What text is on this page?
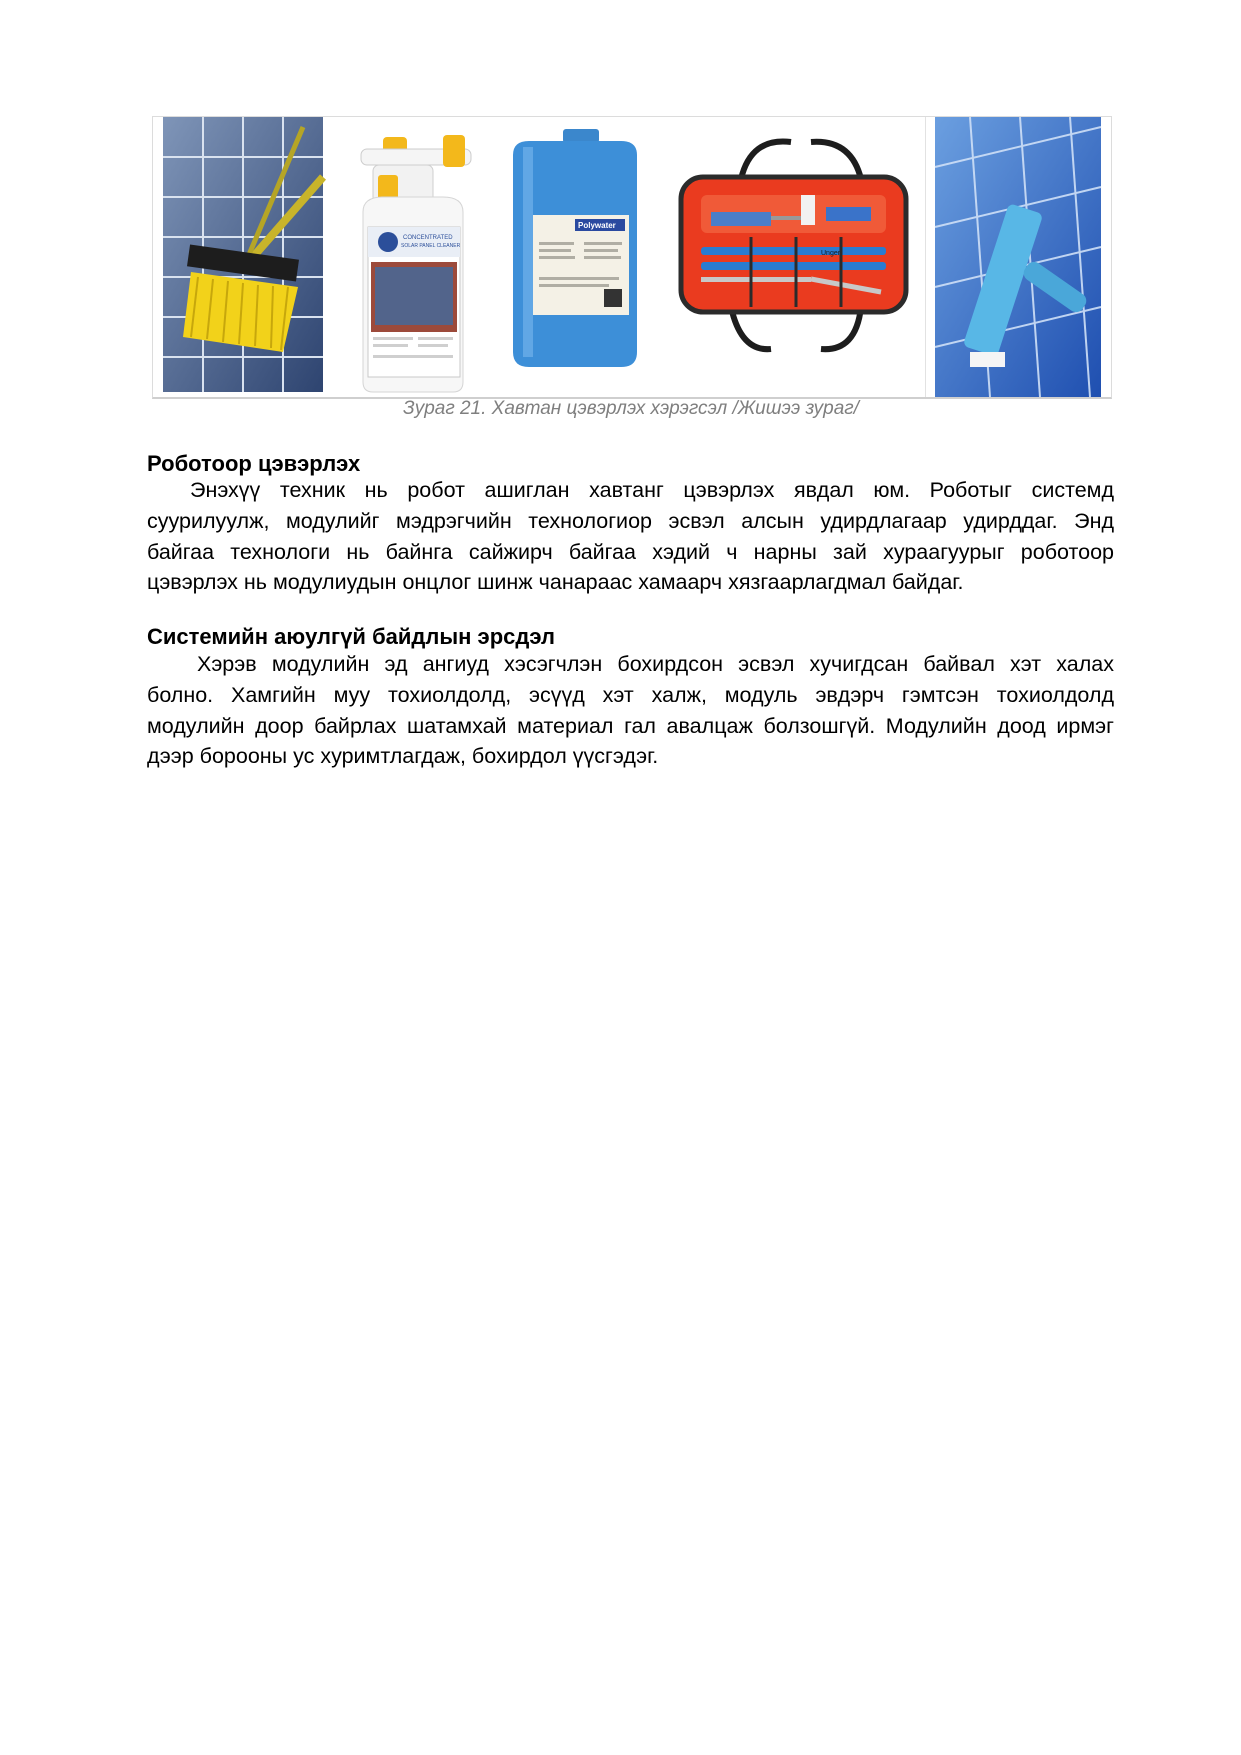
CONCENTRATED
SOLAR PANEL CLEANER
Polywater
Unger
Зураг 21. Хавтан цэвэрлэх хэрэгсэл /Жишээ зураг/
Роботоор цэвэрлэх
Энэхүү техник нь робот ашиглан хавтанг цэвэрлэх явдал юм. Роботыг системд
суурилуулж, модулийг мэдрэгчийн технологиор эсвэл алсын удирдлагаар удирддаг. Энд
байгаа технологи нь байнга сайжирч байгаа хэдий ч нарны зай хураагуурыг роботоор
цэвэрлэх нь модулиудын онцлог шинж чанараас хамаарч хязгаарлагдмал байдаг.
Системийн аюулгүй байдлын эрсдэл
Хэрэв модулийн эд ангиуд хэсэгчлэн бохирдсон эсвэл хучигдсан байвал хэт халах
болно. Хамгийн муу тохиолдолд, эсүүд хэт халж, модуль эвдэрч гэмтсэн тохиолдолд
модулийн доор байрлах шатамхай материал гал авалцаж болзошгүй. Модулийн доод ирмэг
дээр борооны ус хуримтлагдаж, бохирдол үүсгэдэг.
